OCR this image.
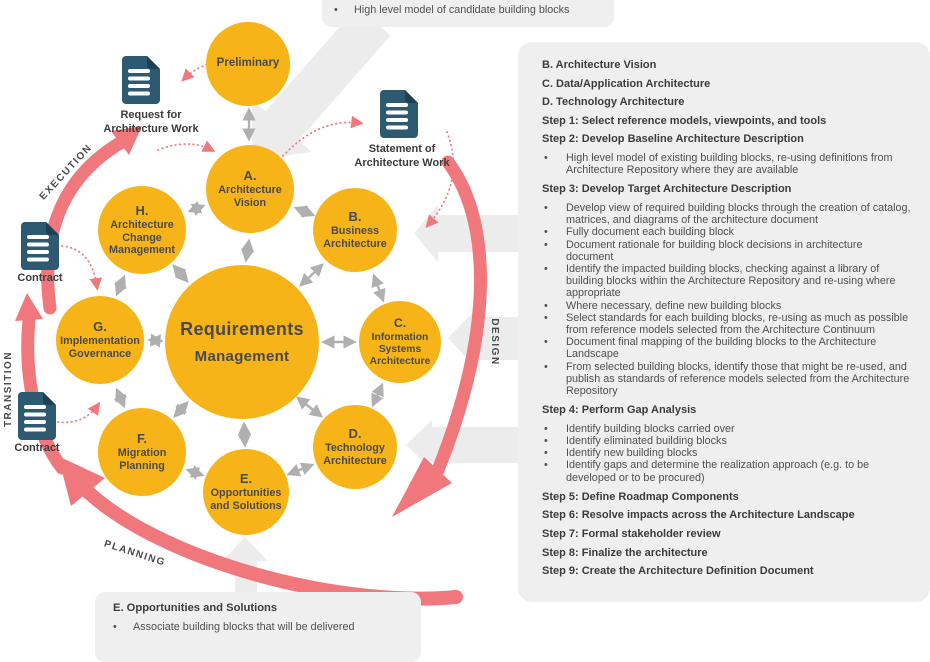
EXECUTION
TRANSITION
PLANNING
DESIGN
•	High level model of candidate building blocks
B. Architecture Vision
C. Data/Application Architecture
D. Technology Architecture
Step 1: Select reference models, viewpoints, and tools
Step 2: Develop Baseline Architecture Description
•	High level model of existing building blocks, re-using definitions from Architecture Repository where they are available
Step 3: Develop Target Architecture Description
•	Develop view of required building blocks through the creation of catalog, matrices, and diagrams of the architecture document
•	Fully document each building block
•	Document rationale for building block decisions in architecture document
•	Identify the impacted building blocks, checking against a library of building blocks within the Architecture Repository and re-using where appropriate
•	Where necessary, define new building blocks
•	Select standards for each building blocks, re-using as much as possible from reference models selected from the Architecture Continuum
•	Document final mapping of the building blocks to the Architecture Landscape
•	From selected building blocks, identify those that might be re-used, and publish as standards of reference models selected from the Architecture Repository
Step 4: Perform Gap Analysis
•	Identify building blocks carried over
•	Identify eliminated building blocks
•	Identify new building blocks
•	Identify gaps and determine the realization approach (e.g. to be developed or to be procured)
Step 5: Define Roadmap Components
Step 6: Resolve impacts across the Architecture Landscape
Step 7: Formal stakeholder review
Step 8: Finalize the architecture
Step 9: Create the Architecture Definition Document
E. Opportunities and Solutions
•	Associate building blocks that will be delivered
Preliminary
A.
Architecture
Vision
B.
Business
Architecture
C.
Information
Systems
Architecture
D.
Technology
Architecture
E.
Opportunities
and Solutions
F.
Migration
Planning
G.
Implementation
Governance
H.
Architecture
Change
Management
Requirements
Management
Request for
Architecture Work
Statement of
Architecture Work
Contract
Contract
